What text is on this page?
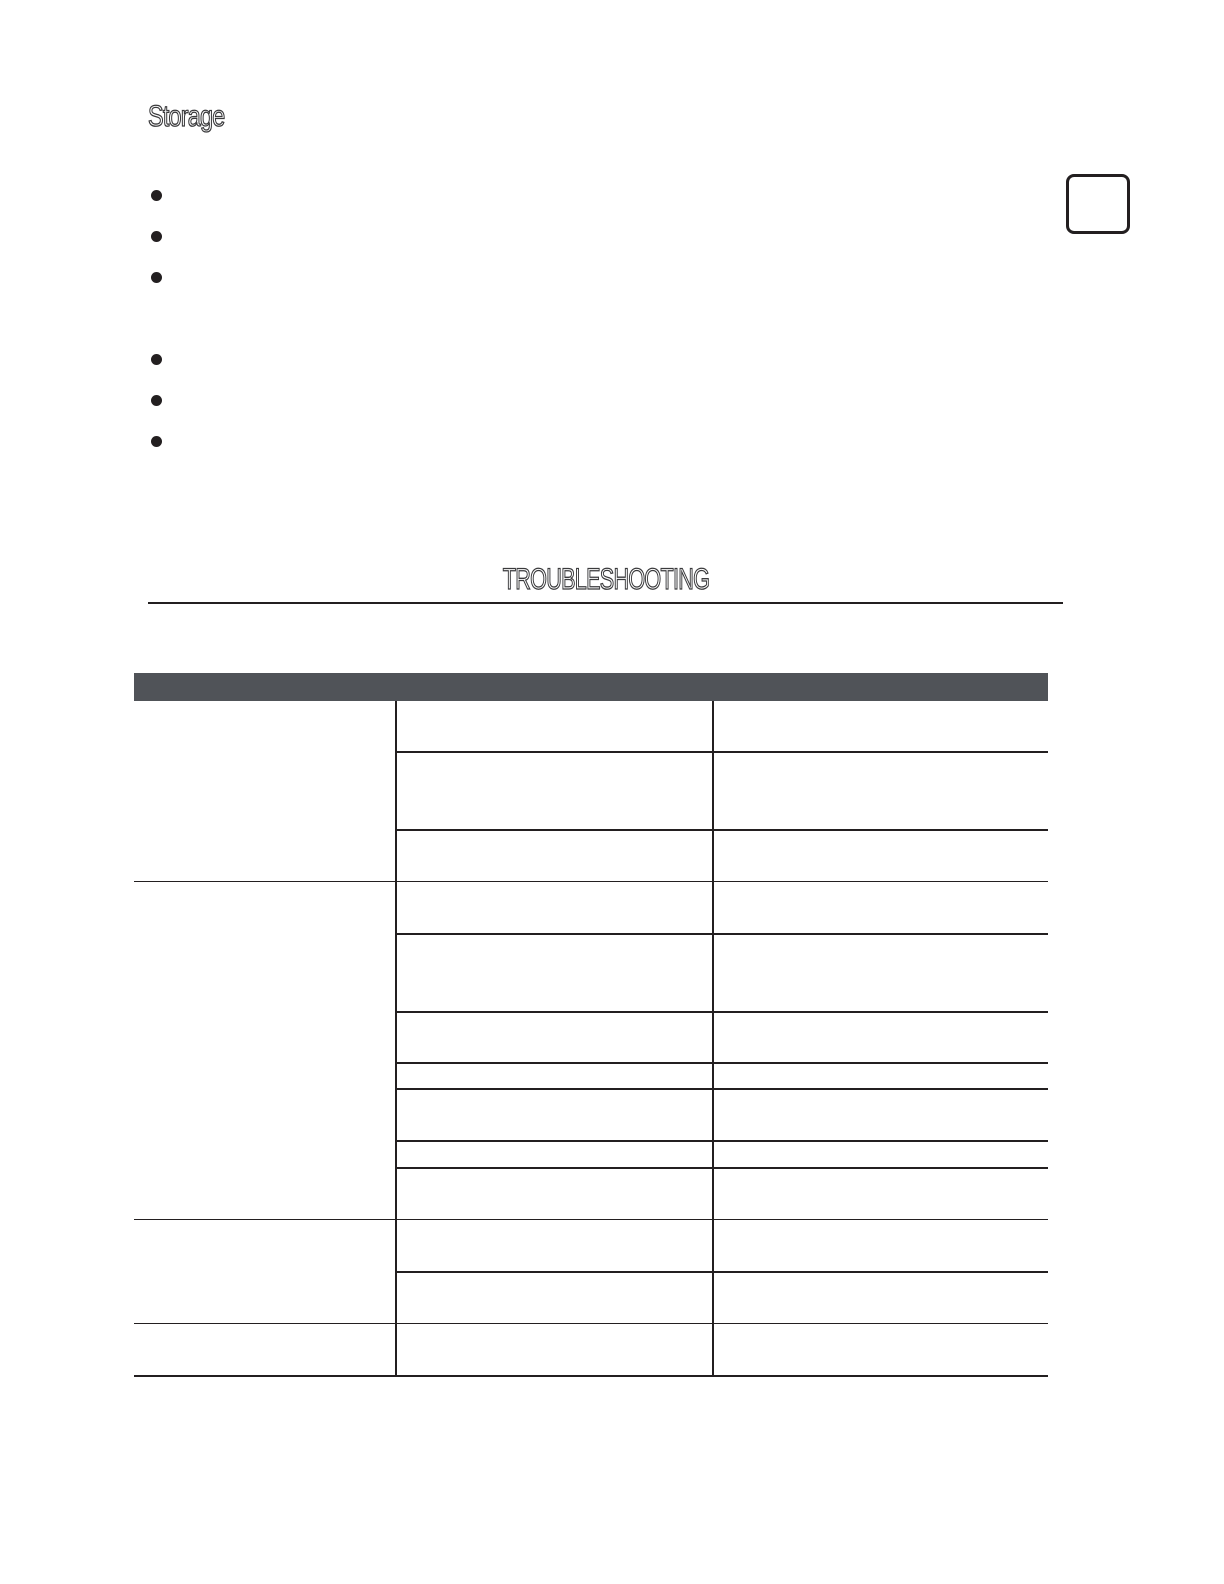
Storage
TROUBLESHOOTING
